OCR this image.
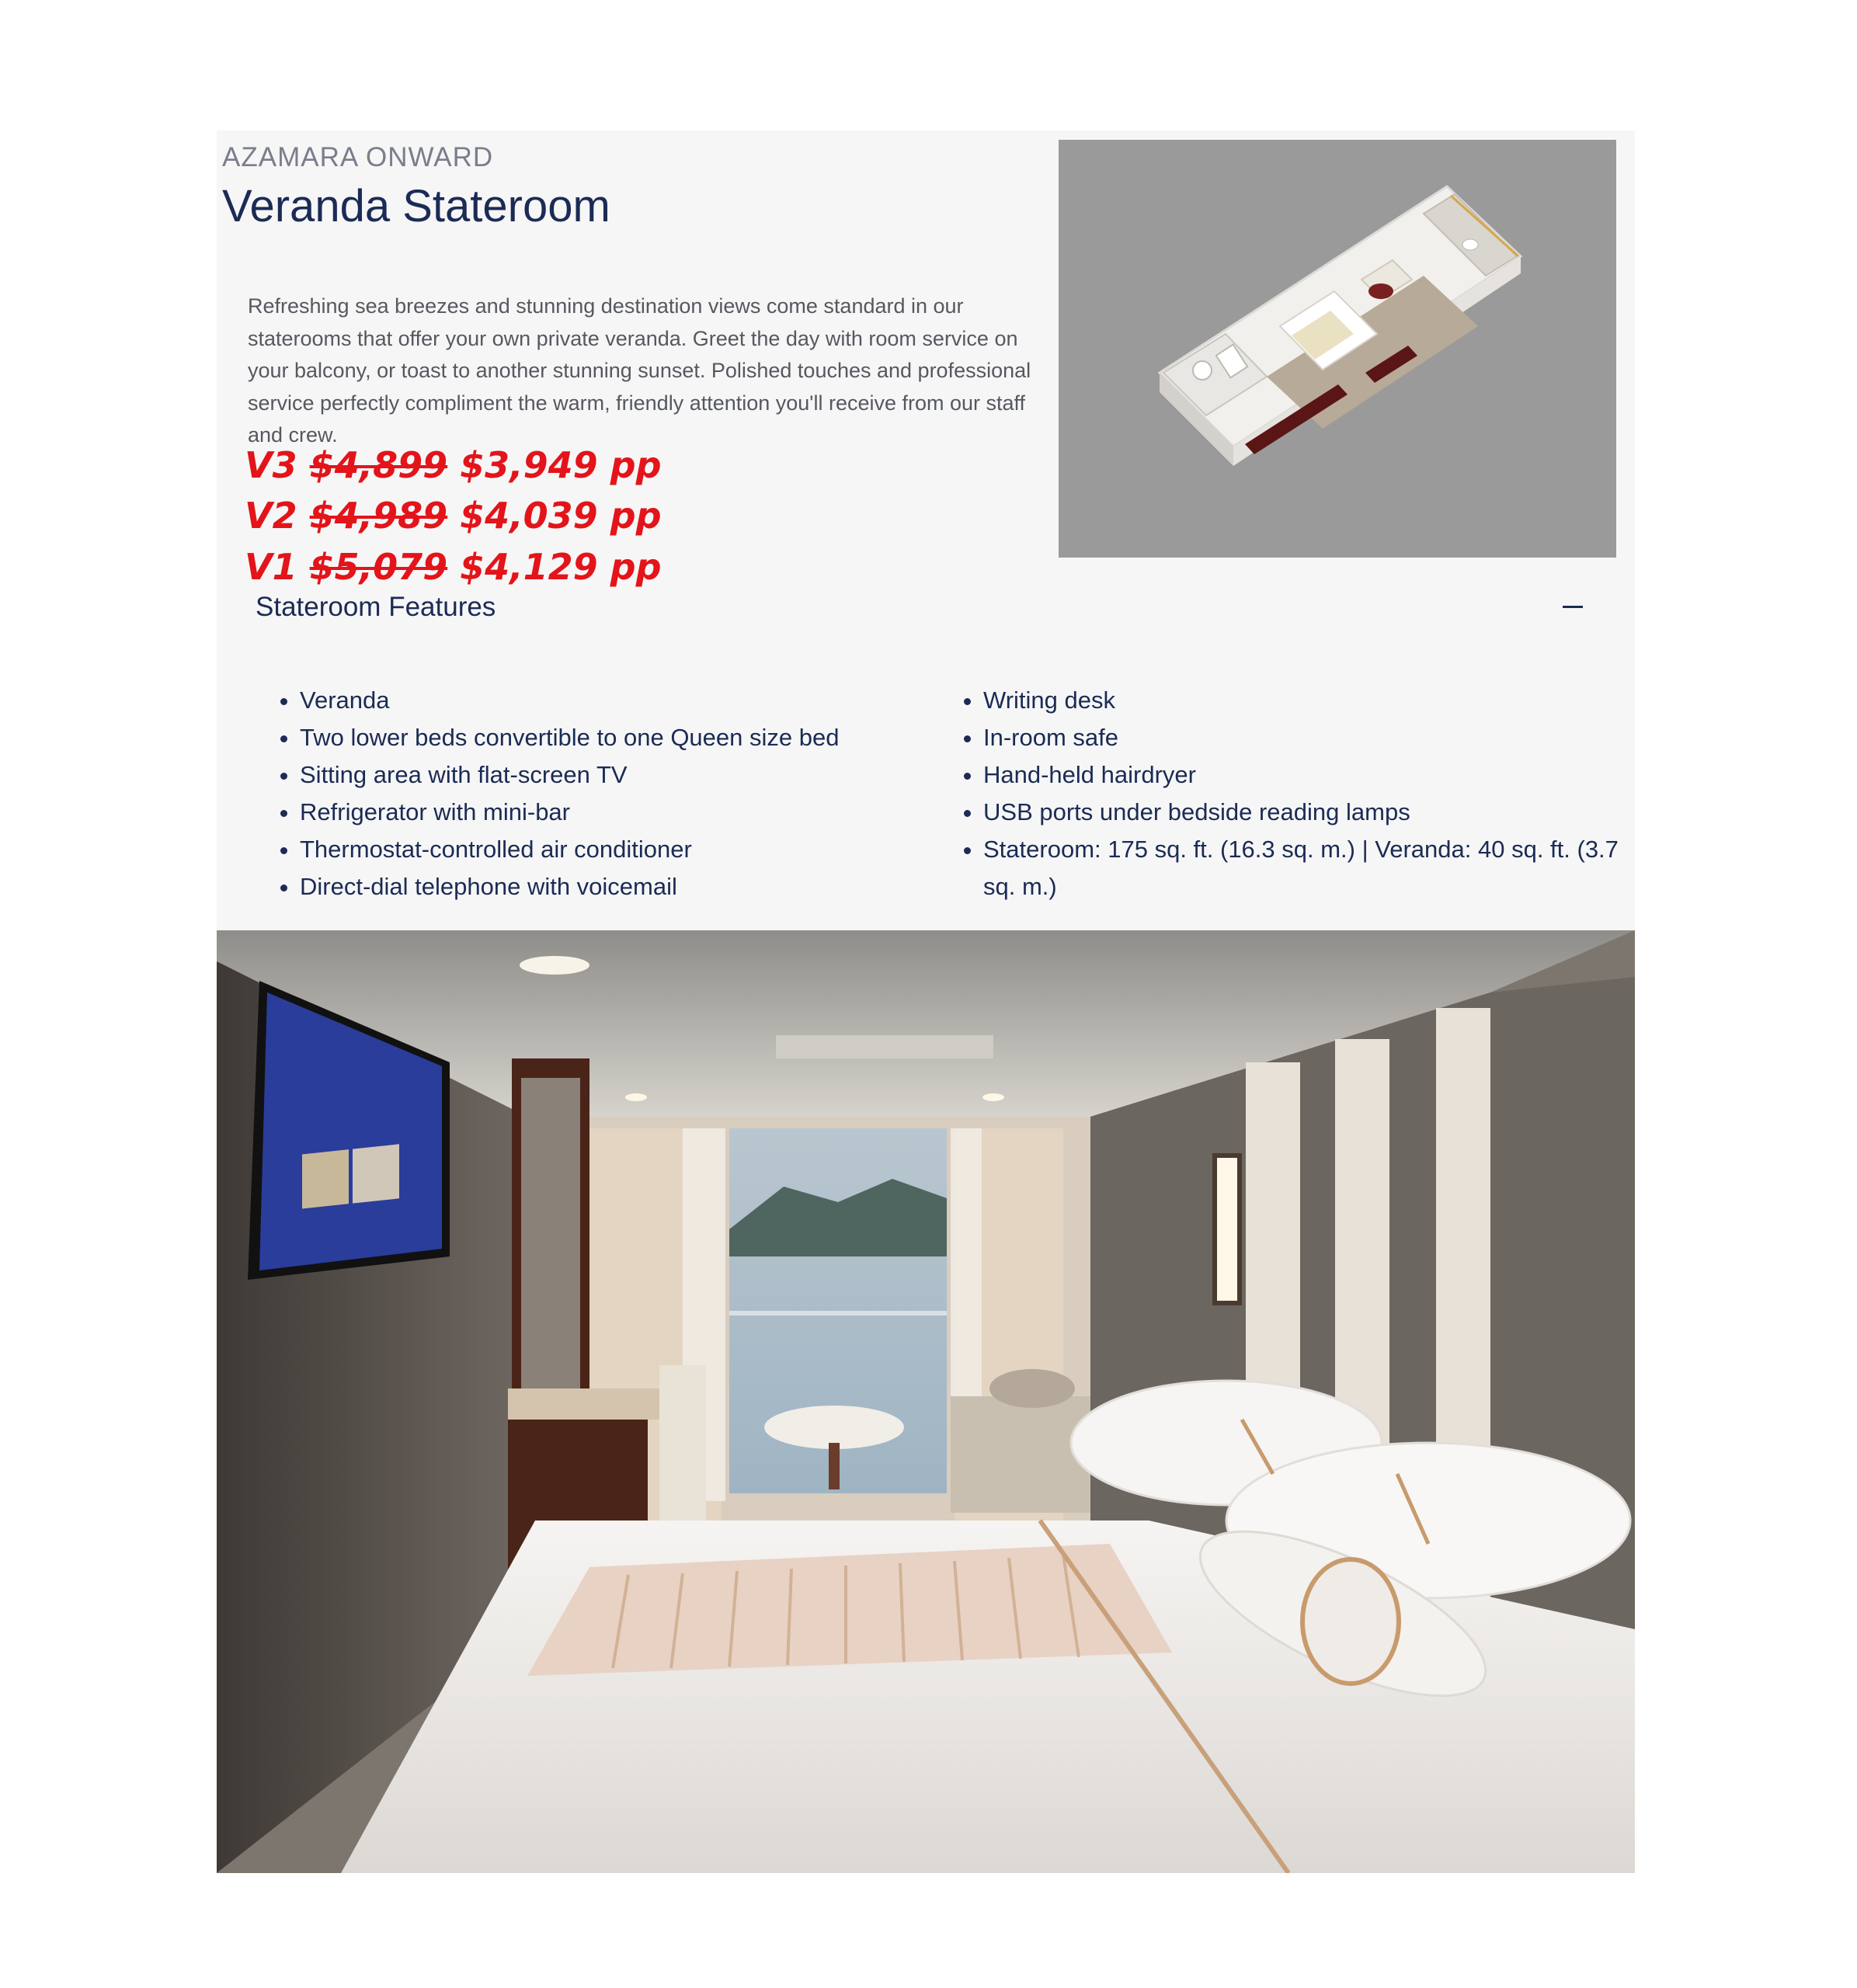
AZAMARA ONWARD
Veranda Stateroom

Refreshing sea breezes and stunning destination views come standard in our staterooms that offer your own private veranda. Greet the day with room service on your balcony, or toast to another stunning sunset. Polished touches and professional service perfectly compliment the warm, friendly attention you'll receive from our staff and crew.

V3 $4,899 $3,949 pp
V2 $4,989 $4,039 pp
V1 $5,079 $4,129 pp
Stateroom Features
• Veranda
• Two lower beds convertible to one Queen size bed
• Sitting area with flat-screen TV
• Refrigerator with mini-bar
• Thermostat-controlled air conditioner
• Direct-dial telephone with voicemail
• Writing desk
• In-room safe
• Hand-held hairdryer
• USB ports under bedside reading lamps
• Stateroom: 175 sq. ft. (16.3 sq. m.) | Veranda: 40 sq. ft. (3.7 sq. m.)
